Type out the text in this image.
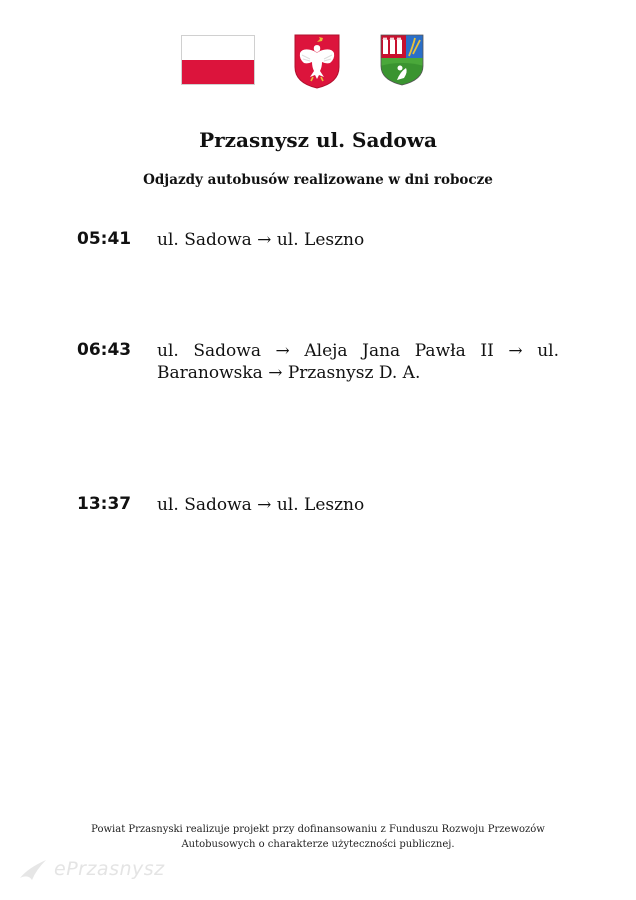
Przasnysz ul. Sadowa
Odjazdy autobusów realizowane w dni robocze
05:41 ul. Sadowa → ul. Leszno
06:43 ul. Sadowa → Aleja Jana Pawła II → ul. Baranowska → Przasnysz D. A.
13:37 ul. Sadowa → ul. Leszno
Powiat Przasnyski realizuje projekt przy dofinansowaniu z Funduszu Rozwoju Przewozów
Autobusowych o charakterze użyteczności publicznej.
ePrzasnysz
